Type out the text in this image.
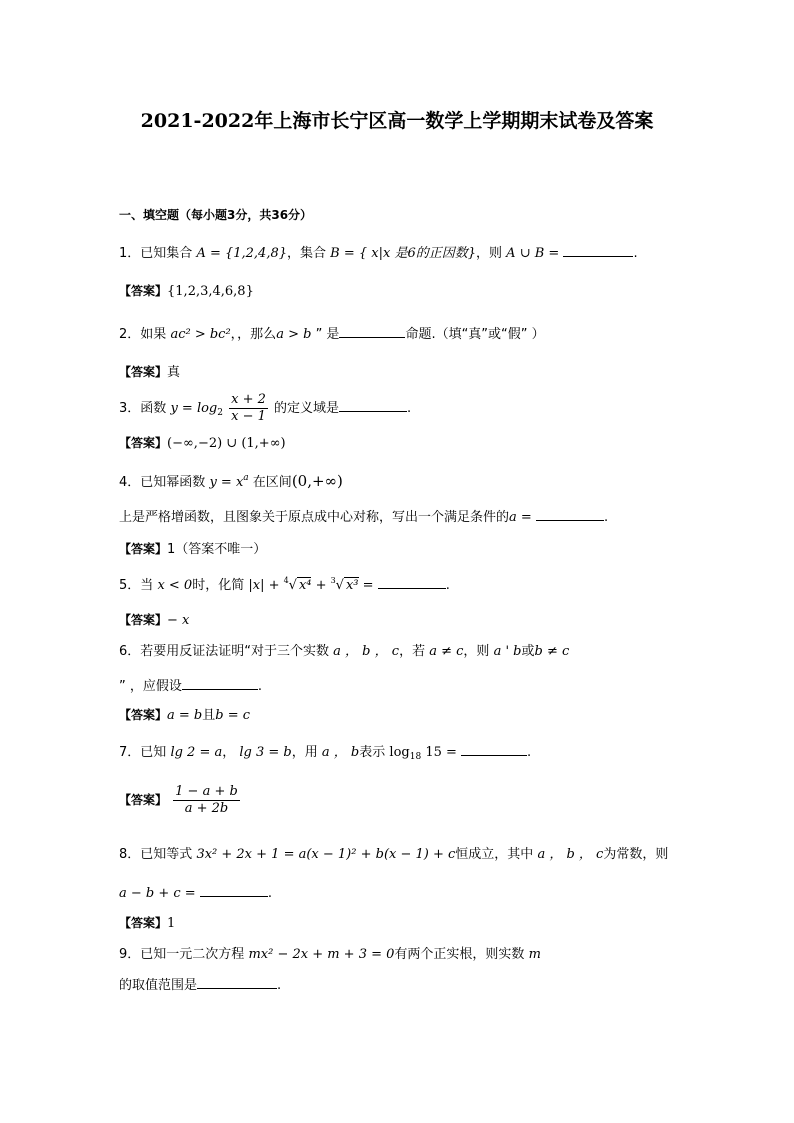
2021-2022年上海市长宁区高一数学上学期期末试卷及答案
一、填空题（每小题3分，共36分）
1．已知集合 A = {1,2,4,8}，集合 B = { x|x 是6的正因数}，则 A ∪ B =	.
【答案】{1,2,3,4,6,8}
2．如果 ac² > bc²，，那么a > b ” 是	命题.（填“真”或“假” ）
【答案】真
3．函数 $y = \log_2 \frac{x + 2}{x - 1}$ 的定义域是	.
【答案】(−∞,−2) ∪ (1,+∞)
4．已知幂函数 $y = x^a$ 在区间(0,+∞)
上是严格增函数，且图象关于原点成中心对称，写出一个满足条件的a =	.
【答案】1（答案不唯一）
5．当 x < 0时，化简 |x| + 4 √ x⁴ + 3 √ x³ =	.
【答案】− x
6．若要用反证法证明“对于三个实数 a ， b ， c，若 a ≠ c，则 a ' b或b ≠ c
” ，应假设	.
【答案】a = b且b = c
7．已知 lg 2 = a， lg 3 = b，用 a ， b表示 $\log_{18} 15$ =	.
【答案】 $\frac{1 - a + b}{a + 2b}$
8．已知等式 3x² + 2x + 1 = a(x − 1)² + b(x − 1) + c恒成立，其中 a ， b ， c为常数，则
a − b + c =	.
【答案】1
9．已知一元二次方程 mx² − 2x + m + 3 = 0有两个正实根，则实数 m
的取值范围是	.
